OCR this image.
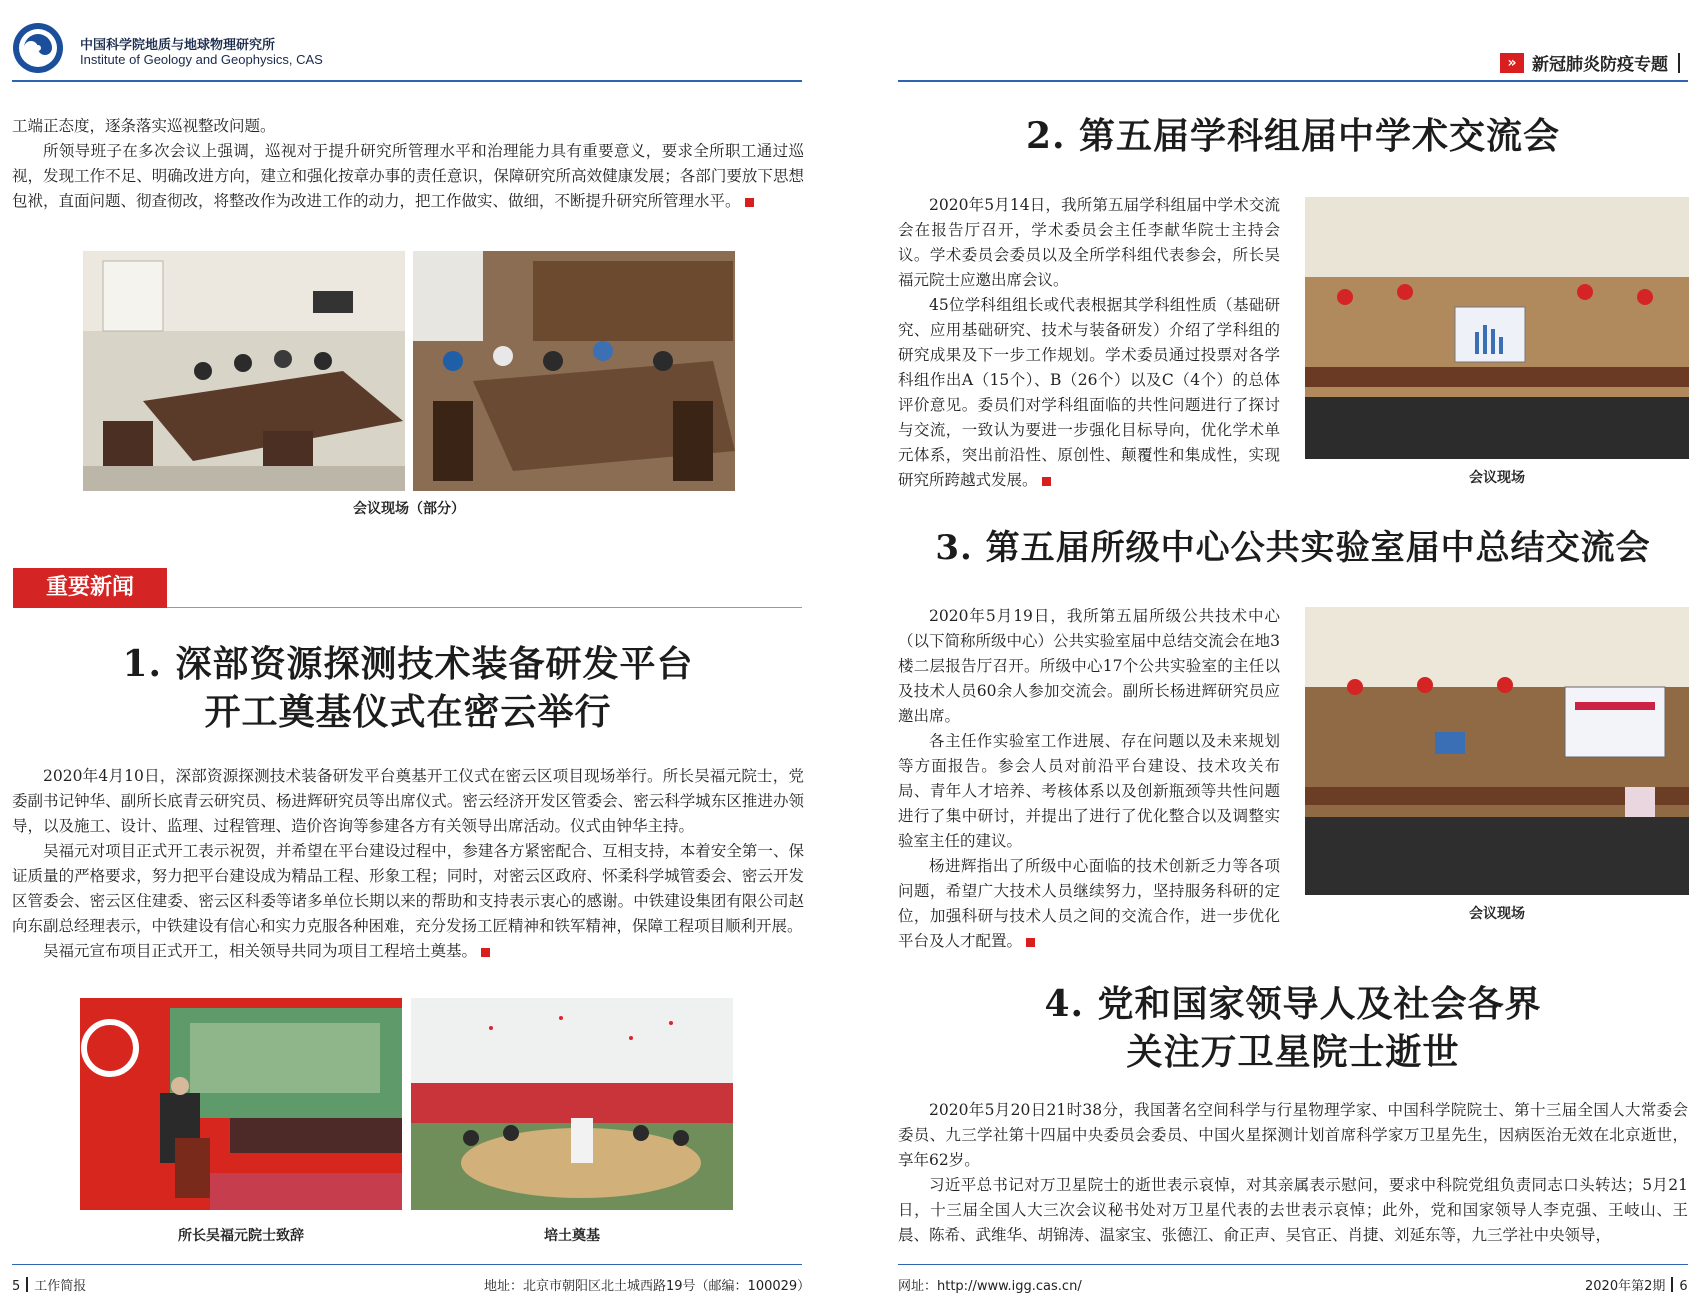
中国科学院地质与地球物理研究所
Institute of Geology and Geophysics, CAS	» 新冠肺炎防疫专题

工端正态度，逐条落实巡视整改问题。

所领导班子在多次会议上强调，巡视对于提升研究所管理水平和治理能力具有重要意义，要求全所职工通过巡视，发现工作不足、明确改进方向，建立和强化按章办事的责任意识，保障研究所高效健康发展；各部门要放下思想包袱，直面问题、彻查彻改，将整改作为改进工作的动力，把工作做实、做细，不断提升研究所管理水平。

会议现场（部分）
重要新闻
1. 深部资源探测技术装备研发平台
开工奠基仪式在密云举行

2020年4月10日，深部资源探测技术装备研发平台奠基开工仪式在密云区项目现场举行。所长吴福元院士，党委副书记钟华、副所长底青云研究员、杨进辉研究员等出席仪式。密云经济开发区管委会、密云科学城东区推进办领导，以及施工、设计、监理、过程管理、造价咨询等参建各方有关领导出席活动。仪式由钟华主持。

吴福元对项目正式开工表示祝贺，并希望在平台建设过程中，参建各方紧密配合、互相支持，本着安全第一、保证质量的严格要求，努力把平台建设成为精品工程、形象工程；同时，对密云区政府、怀柔科学城管委会、密云开发区管委会、密云区住建委、密云区科委等诸多单位长期以来的帮助和支持表示衷心的感谢。中铁建设集团有限公司赵向东副总经理表示，中铁建设有信心和实力克服各种困难，充分发扬工匠精神和铁军精神，保障工程项目顺利开展。

吴福元宣布项目正式开工，相关领导共同为项目工程培土奠基。

所长吴福元院士致辞	培土奠基
2. 第五届学科组届中学术交流会

2020年5月14日，我所第五届学科组届中学术交流会在报告厅召开，学术委员会主任李献华院士主持会议。学术委员会委员以及全所学科组代表参会，所长吴福元院士应邀出席会议。

45位学科组组长或代表根据其学科组性质（基础研究、应用基础研究、技术与装备研发）介绍了学科组的研究成果及下一步工作规划。学术委员通过投票对各学科组作出A（15个）、B（26个）以及C（4个）的总体评价意见。委员们对学科组面临的共性问题进行了探讨与交流，一致认为要进一步强化目标导向，优化学术单元体系，突出前沿性、原创性、颠覆性和集成性，实现研究所跨越式发展。	会议现场
3. 第五届所级中心公共实验室届中总结交流会

2020年5月19日，我所第五届所级公共技术中心（以下简称所级中心）公共实验室届中总结交流会在地3楼二层报告厅召开。所级中心17个公共实验室的主任以及技术人员60余人参加交流会。副所长杨进辉研究员应邀出席。

各主任作实验室工作进展、存在问题以及未来规划等方面报告。参会人员对前沿平台建设、技术攻关布局、青年人才培养、考核体系以及创新瓶颈等共性问题进行了集中研讨，并提出了进行了优化整合以及调整实验室主任的建议。

杨进辉指出了所级中心面临的技术创新乏力等各项问题，希望广大技术人员继续努力，坚持服务科研的定位，加强科研与技术人员之间的交流合作，进一步优化平台及人才配置。

会议现场
4. 党和国家领导人及社会各界
关注万卫星院士逝世

2020年5月20日21时38分，我国著名空间科学与行星物理学家、中国科学院院士、第十三届全国人大常委会委员、九三学社第十四届中央委员会委员、中国火星探测计划首席科学家万卫星先生，因病医治无效在北京逝世，享年62岁。

习近平总书记对万卫星院士的逝世表示哀悼，对其亲属表示慰问，要求中科院党组负责同志口头转达；5月21日，十三届全国人大三次会议秘书处对万卫星代表的去世表示哀悼；此外，党和国家领导人李克强、王岐山、王晨、陈希、武维华、胡锦涛、温家宝、张德江、俞正声、吴官正、肖捷、刘延东等，九三学社中央领导，

5 工作简报	地址：北京市朝阳区北土城西路19号（邮编：100029）	网址：http://www.igg.cas.cn/	2020年第2期 6
